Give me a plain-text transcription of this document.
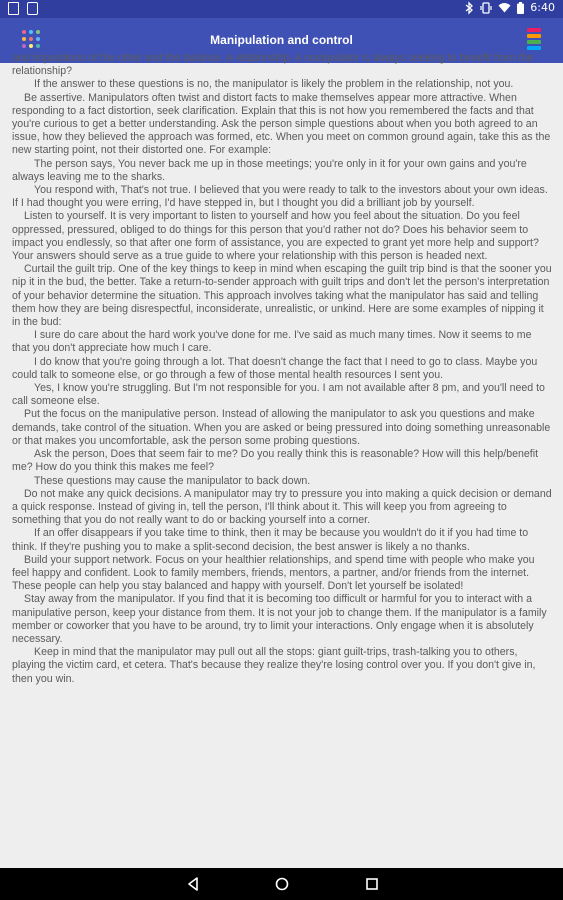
6:40
Manipulation and control

and impositions of the other and the balance. A relationship. A manipulator is always seeking to benefit from the relationship?

If the answer to these questions is no, the manipulator is likely the problem in the relationship, not you.

Be assertive. Manipulators often twist and distort facts to make themselves appear more attractive. When responding to a fact distortion, seek clarification. Explain that this is not how you remembered the facts and that you're curious to get a better understanding. Ask the person simple questions about when you both agreed to an issue, how they believed the approach was formed, etc. When you meet on common ground again, take this as the new starting point, not their distorted one. For example:

The person says, You never back me up in those meetings; you're only in it for your own gains and you're always leaving me to the sharks.

You respond with, That's not true. I believed that you were ready to talk to the investors about your own ideas. If I had thought you were erring, I'd have stepped in, but I thought you did a brilliant job by yourself.

Listen to yourself. It is very important to listen to yourself and how you feel about the situation. Do you feel oppressed, pressured, obliged to do things for this person that you'd rather not do? Does his behavior seem to impact you endlessly, so that after one form of assistance, you are expected to grant yet more help and support? Your answers should serve as a true guide to where your relationship with this person is headed next.

Curtail the guilt trip. One of the key things to keep in mind when escaping the guilt trip bind is that the sooner you nip it in the bud, the better. Take a return-to-sender approach with guilt trips and don't let the person's interpretation of your behavior determine the situation. This approach involves taking what the manipulator has said and telling them how they are being disrespectful, inconsiderate, unrealistic, or unkind. Here are some examples of nipping it in the bud:

I sure do care about the hard work you've done for me. I've said as much many times. Now it seems to me that you don't appreciate how much I care.

I do know that you're going through a lot. That doesn't change the fact that I need to go to class. Maybe you could talk to someone else, or go through a few of those mental health resources I sent you.

Yes, I know you're struggling. But I'm not responsible for you. I am not available after 8 pm, and you'll need to call someone else.

Put the focus on the manipulative person. Instead of allowing the manipulator to ask you questions and make demands, take control of the situation. When you are asked or being pressured into doing something unreasonable or that makes you uncomfortable, ask the person some probing questions.

Ask the person, Does that seem fair to me? Do you really think this is reasonable? How will this help/benefit me? How do you think this makes me feel?

These questions may cause the manipulator to back down.

Do not make any quick decisions. A manipulator may try to pressure you into making a quick decision or demand a quick response. Instead of giving in, tell the person, I'll think about it. This will keep you from agreeing to something that you do not really want to do or backing yourself into a corner.

If an offer disappears if you take time to think, then it may be because you wouldn't do it if you had time to think. If they're pushing you to make a split-second decision, the best answer is likely a no thanks.

Build your support network. Focus on your healthier relationships, and spend time with people who make you feel happy and confident. Look to family members, friends, mentors, a partner, and/or friends from the internet. These people can help you stay balanced and happy with yourself. Don't let yourself be isolated!

Stay away from the manipulator. If you find that it is becoming too difficult or harmful for you to interact with a manipulative person, keep your distance from them. It is not your job to change them. If the manipulator is a family member or coworker that you have to be around, try to limit your interactions. Only engage when it is absolutely necessary.

Keep in mind that the manipulator may pull out all the stops: giant guilt-trips, trash-talking you to others, playing the victim card, et cetera. That's because they realize they're losing control over you. If you don't give in, then you win.
